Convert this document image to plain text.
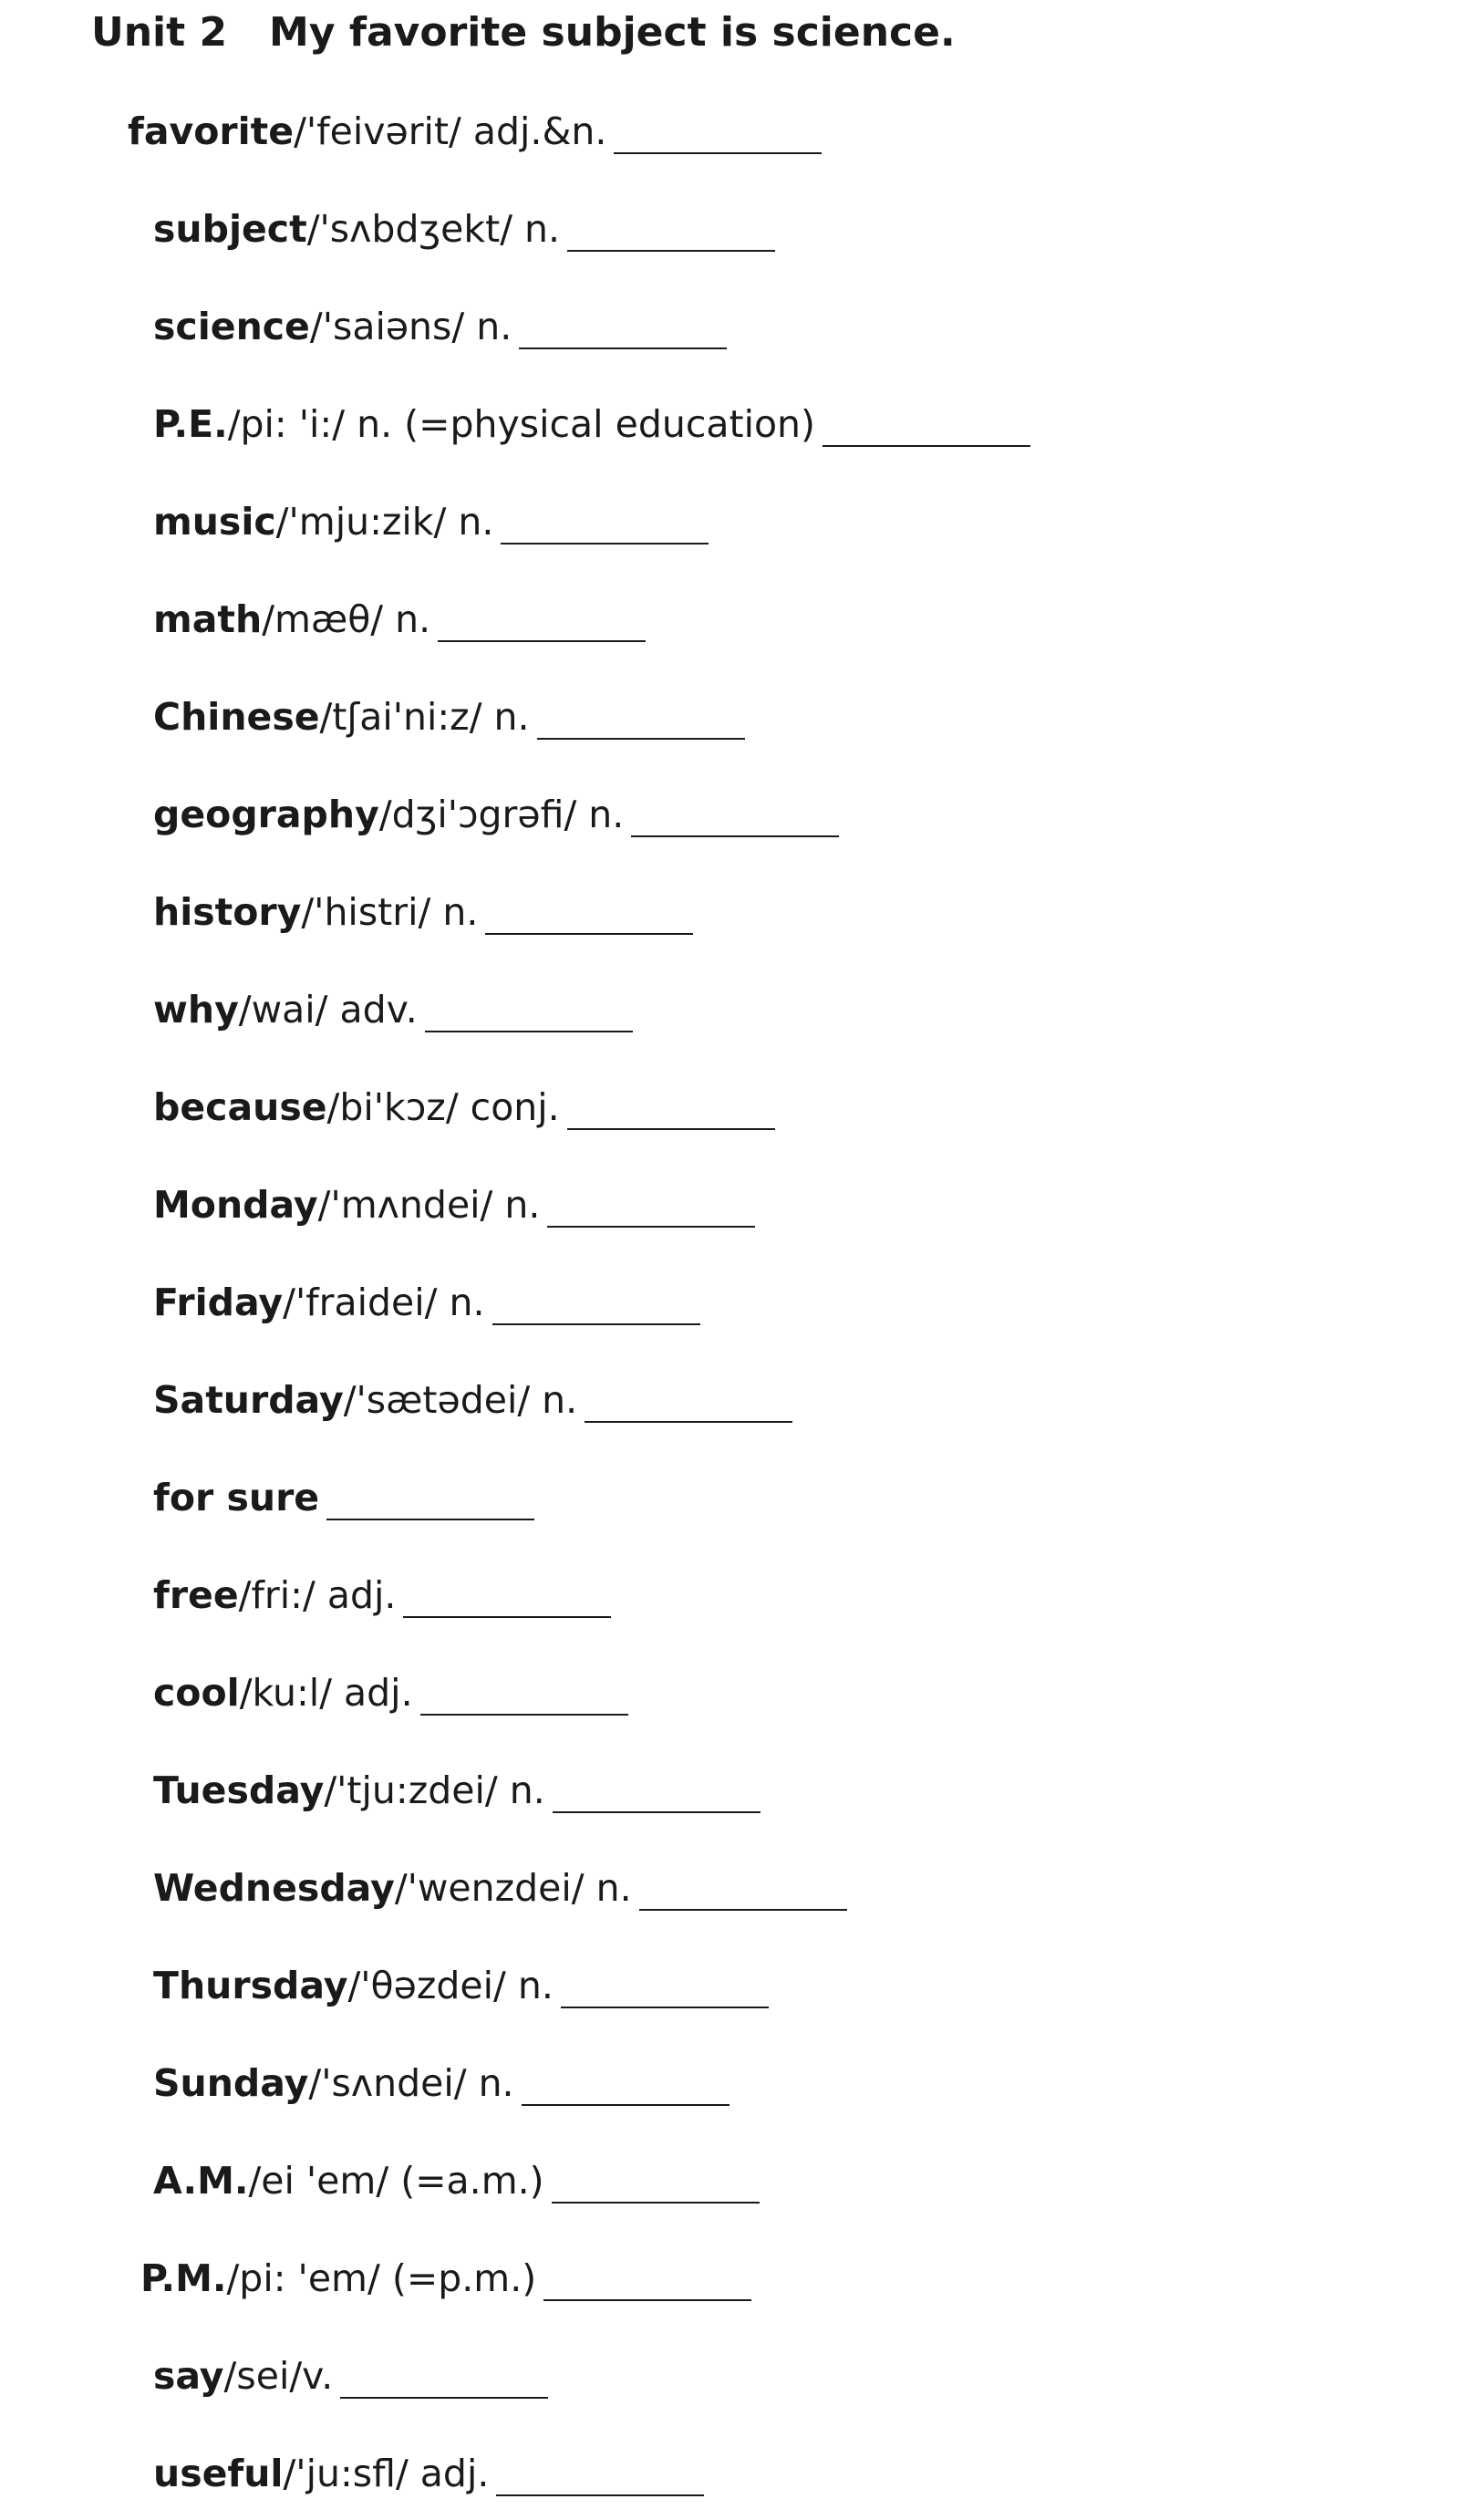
Unit 2   My favorite subject is science.
favorite /'feivərit/ adj.&n.
subject /'sʌbdʒekt/ n.
science /'saiəns/ n.
P.E. /pi: 'i:/ n. (=physical education)
music /'mju:zik/ n.
math /mæθ/ n.
Chinese /tʃai'ni:z/ n.
geography /dʒi'ɔgrəfi/ n.
history /'histri/ n.
why /wai/ adv.
because /bi'kɔz/ conj.
Monday /'mʌndei/ n.
Friday /'fraidei/ n.
Saturday /'sætədei/ n.
for sure
free /fri:/ adj.
cool /ku:l/ adj.
Tuesday /'tju:zdei/ n.
Wednesday /'wenzdei/ n.
Thursday /'θəzdei/ n.
Sunday /'sʌndei/ n.
A.M. /ei 'em/ (=a.m.)
P.M. /pi: 'em/ (=p.m.)
say /sei/v.
useful /'ju:sfl/ adj.
